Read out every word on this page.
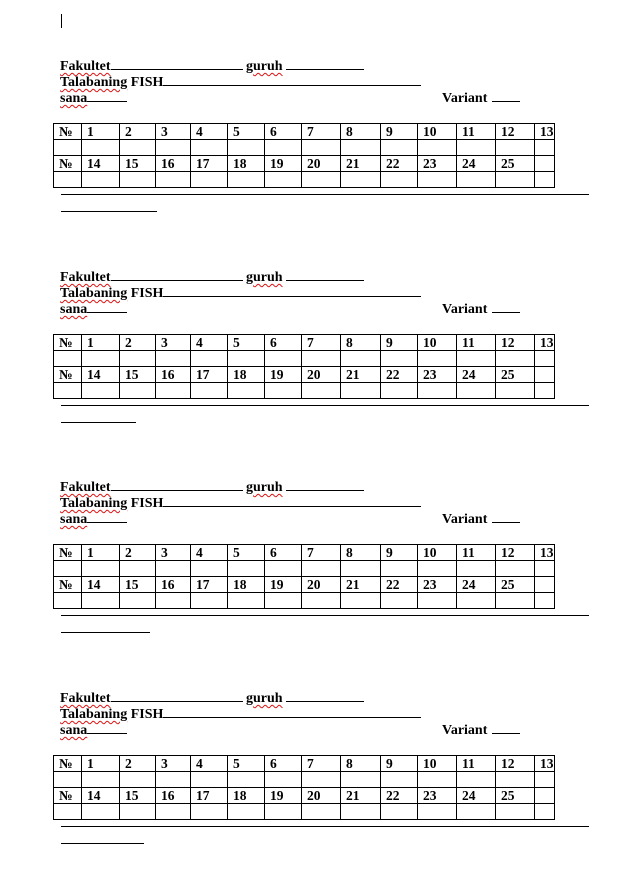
Fakultet	guruh
Talabaning FISH
sana	Variant
№	1	2	3	4	5	6	7	8	9	10	11	12	13

№	14	15	16	17	18	19	20	21	22	23	24	25	

Fakultet	guruh
Talabaning FISH
sana	Variant
№	1	2	3	4	5	6	7	8	9	10	11	12	13

№	14	15	16	17	18	19	20	21	22	23	24	25	

Fakultet	guruh
Talabaning FISH
sana	Variant
№	1	2	3	4	5	6	7	8	9	10	11	12	13

№	14	15	16	17	18	19	20	21	22	23	24	25	

Fakultet	guruh
Talabaning FISH
sana	Variant
№	1	2	3	4	5	6	7	8	9	10	11	12	13

№	14	15	16	17	18	19	20	21	22	23	24	25	
